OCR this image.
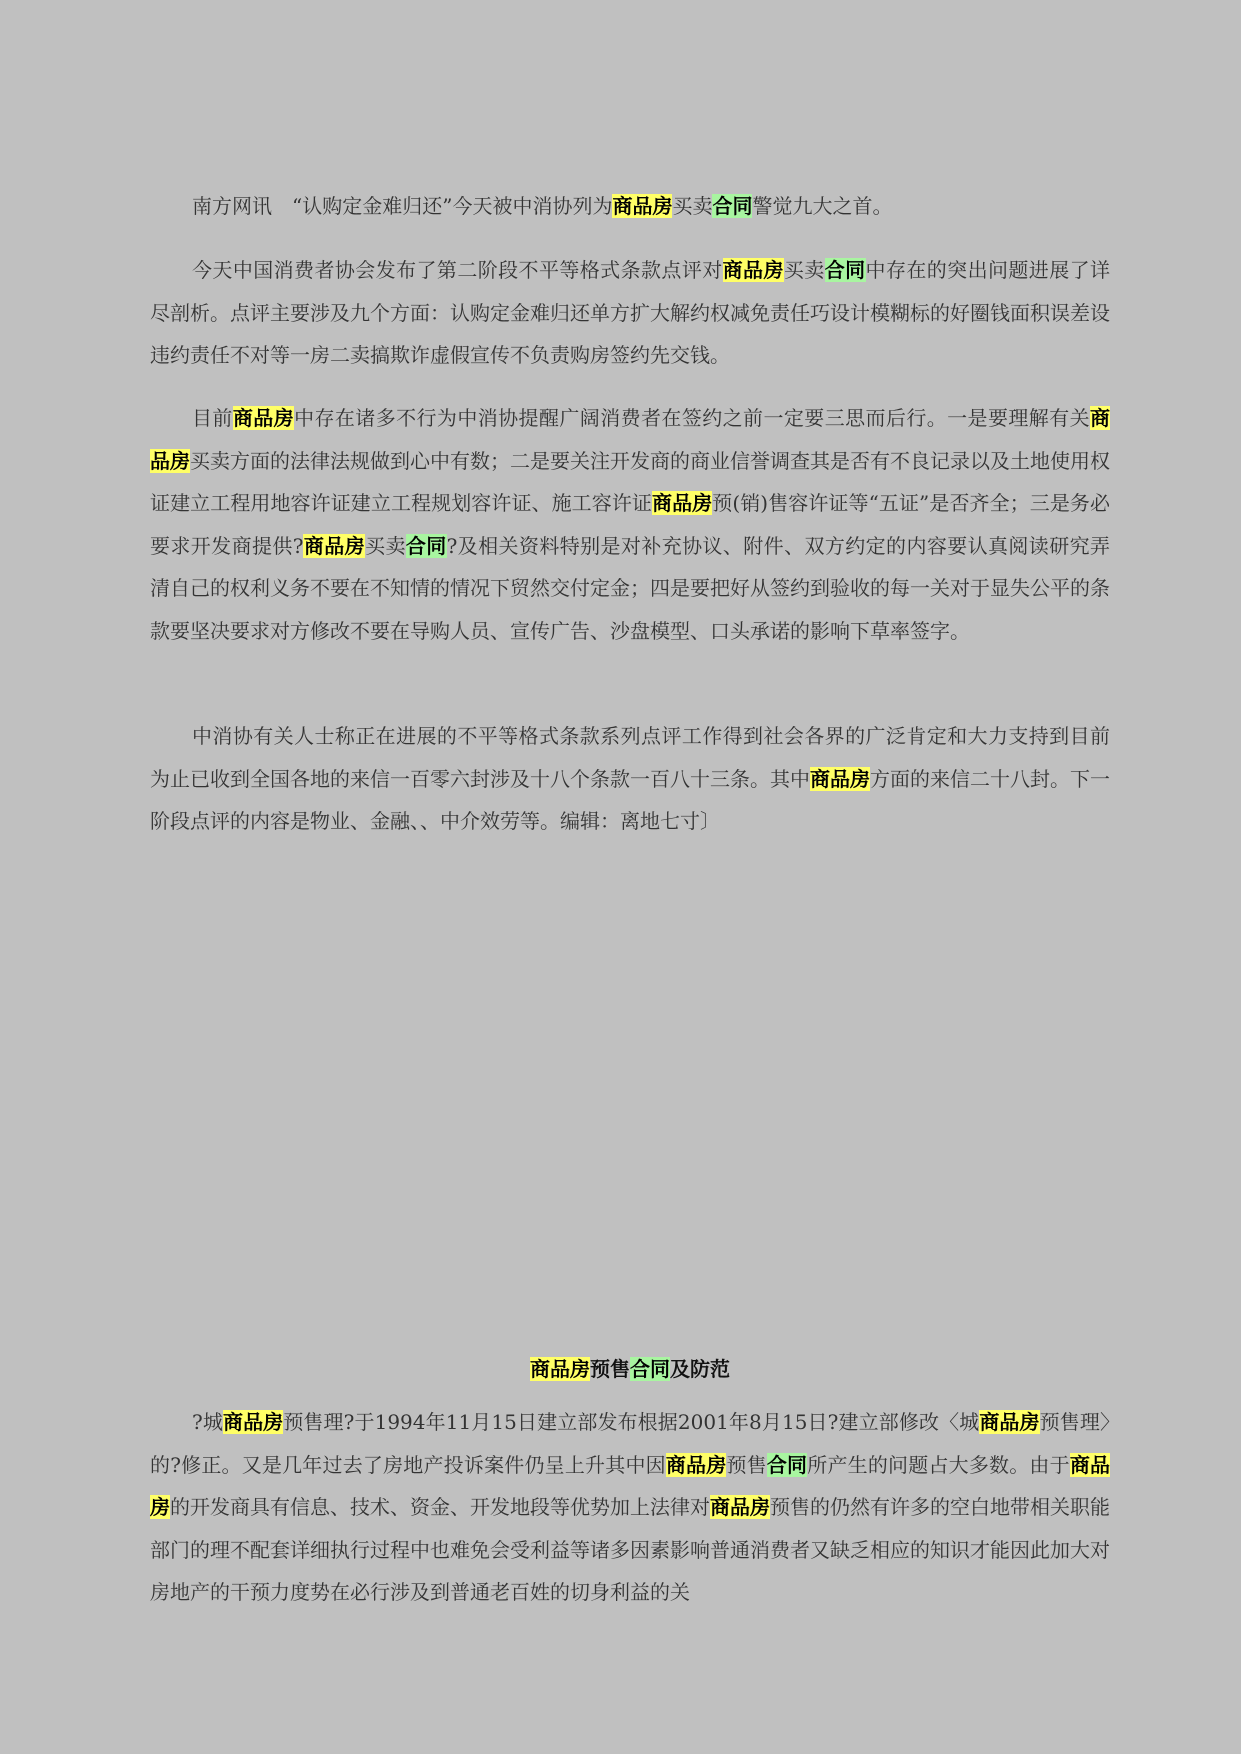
南方网讯　“认购定金难归还”今天被中消协列为商品房买卖合同警觉九大之首。

今天中国消费者协会发布了第二阶段不平等格式条款点评对商品房买卖合同中存在的突出问题进展了详尽剖析。点评主要涉及九个方面：认购定金难归还单方扩大解约权减免责任巧设计模糊标的好圈钱面积误差设违约责任不对等一房二卖搞欺诈虚假宣传不负责购房签约先交钱。

目前商品房中存在诸多不行为中消协提醒广阔消费者在签约之前一定要三思而后行。一是要理解有关商品房买卖方面的法律法规做到心中有数；二是要关注开发商的商业信誉调查其是否有不良记录以及土地使用权证建立工程用地容许证建立工程规划容许证、施工容许证商品房预(销)售容许证等“五证”是否齐全；三是务必要求开发商提供?商品房买卖合同?及相关资料特别是对补充协议、附件、双方约定的内容要认真阅读研究弄清自己的权利义务不要在不知情的情况下贸然交付定金；四是要把好从签约到验收的每一关对于显失公平的条款要坚决要求对方修改不要在导购人员、宣传广告、沙盘模型、口头承诺的影响下草率签字。

中消协有关人士称正在进展的不平等格式条款系列点评工作得到社会各界的广泛肯定和大力支持到目前为止已收到全国各地的来信一百零六封涉及十八个条款一百八十三条。其中商品房方面的来信二十八封。下一阶段点评的内容是物业、金融、、中介效劳等。编辑：离地七寸〕

商品房预售合同及防范

?城商品房预售理?于1994年11月15日建立部发布根据2001年8月15日?建立部修改〈城商品房预售理〉的?修正。又是几年过去了房地产投诉案件仍呈上升其中因商品房预售合同所产生的问题占大多数。由于商品房的开发商具有信息、技术、资金、开发地段等优势加上法律对商品房预售的仍然有许多的空白地带相关职能部门的理不配套详细执行过程中也难免会受利益等诸多因素影响普通消费者又缺乏相应的知识才能因此加大对房地产的干预力度势在必行涉及到普通老百姓的切身利益的关
